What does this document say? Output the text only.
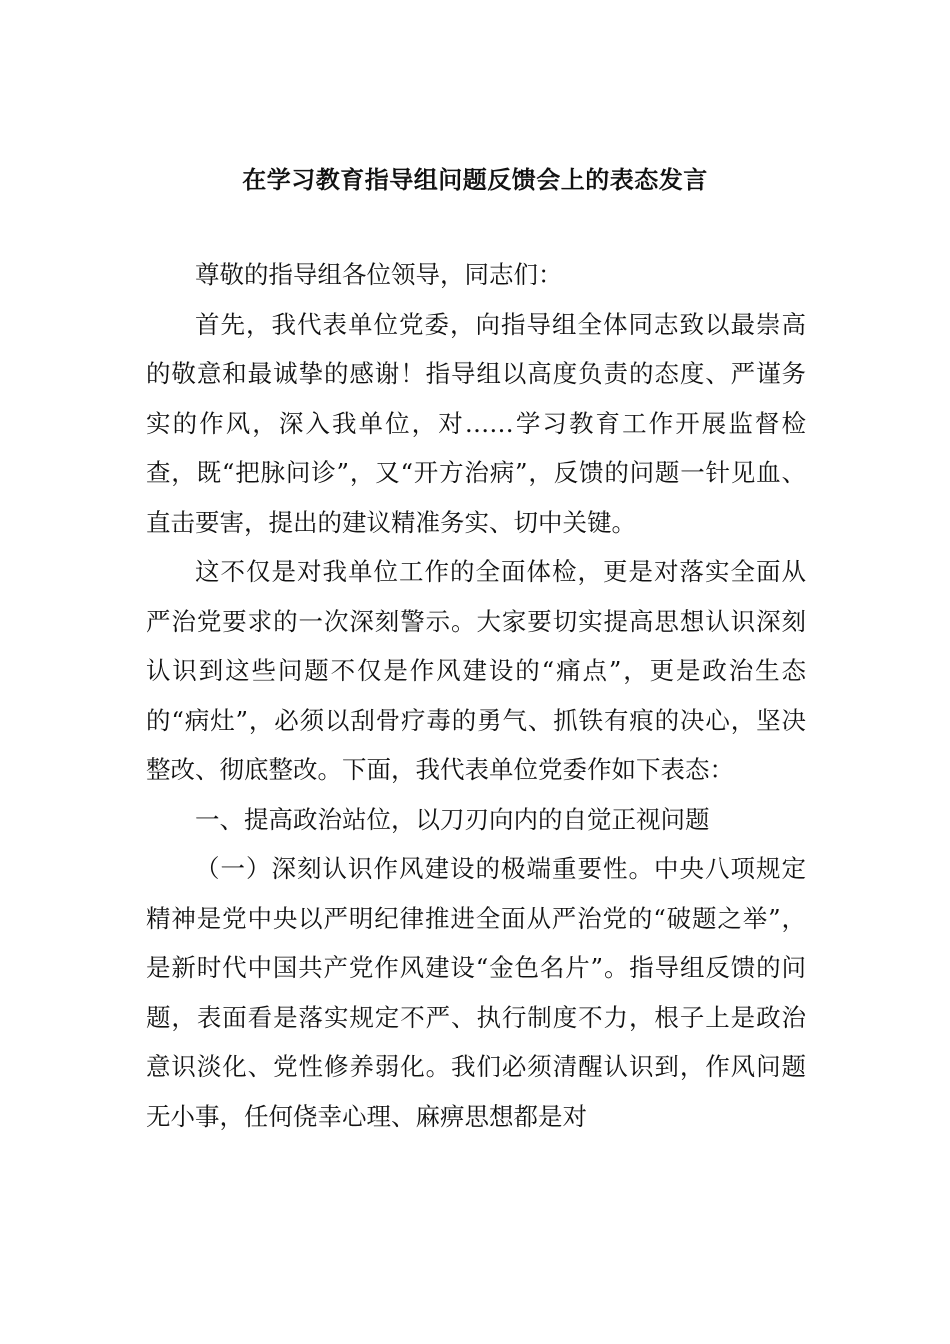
在学习教育指导组问题反馈会上的表态发言

尊敬的指导组各位领导，同志们：

首先，我代表单位党委，向指导组全体同志致以最崇高的敬意和最诚挚的感谢！指导组以高度负责的态度、严谨务实的作风，深入我单位，对……学习教育工作开展监督检查，既“把脉问诊”，又“开方治病”，反馈的问题一针见血、直击要害，提出的建议精准务实、切中关键。

这不仅是对我单位工作的全面体检，更是对落实全面从严治党要求的一次深刻警示。大家要切实提高思想认识深刻认识到这些问题不仅是作风建设的“痛点”，更是政治生态的“病灶”，必须以刮骨疗毒的勇气、抓铁有痕的决心，坚决整改、彻底整改。下面，我代表单位党委作如下表态：

一、提高政治站位，以刀刃向内的自觉正视问题

（一）深刻认识作风建设的极端重要性。中央八项规定精神是党中央以严明纪律推进全面从严治党的“破题之举”，是新时代中国共产党作风建设“金色名片”。指导组反馈的问题，表面看是落实规定不严、执行制度不力，根子上是政治意识淡化、党性修养弱化。我们必须清醒认识到，作风问题无小事，任何侥幸心理、麻痹思想都是对
